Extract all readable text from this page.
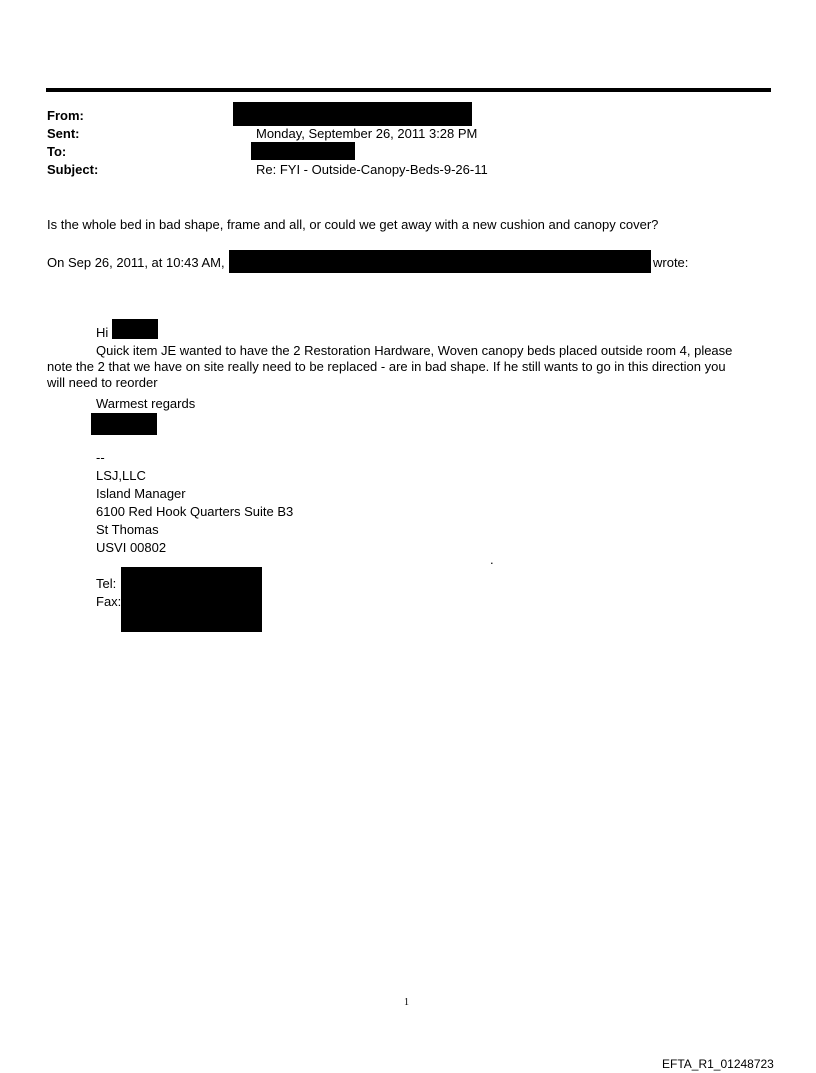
From:
Sent:
To:
Subject:
Monday, September 26, 2011 3:28 PM
Re: FYI - Outside-Canopy-Beds-9-26-11
Is the whole bed in bad shape, frame and all, or could we get away with a new cushion and canopy cover?
On Sep 26, 2011, at 10:43 AM,	wrote:
Hi
Quick item JE wanted to have the 2 Restoration Hardware, Woven canopy beds placed outside room 4, please
note the 2 that we have on site really need to be replaced - are in bad shape. If he still wants to go in this direction you will need to reorder
Warmest regards
--
LSJ,LLC
Island Manager
6100 Red Hook Quarters Suite B3
St Thomas
USVI 00802
.
Tel:
Fax:
1
EFTA_R1_01248723
